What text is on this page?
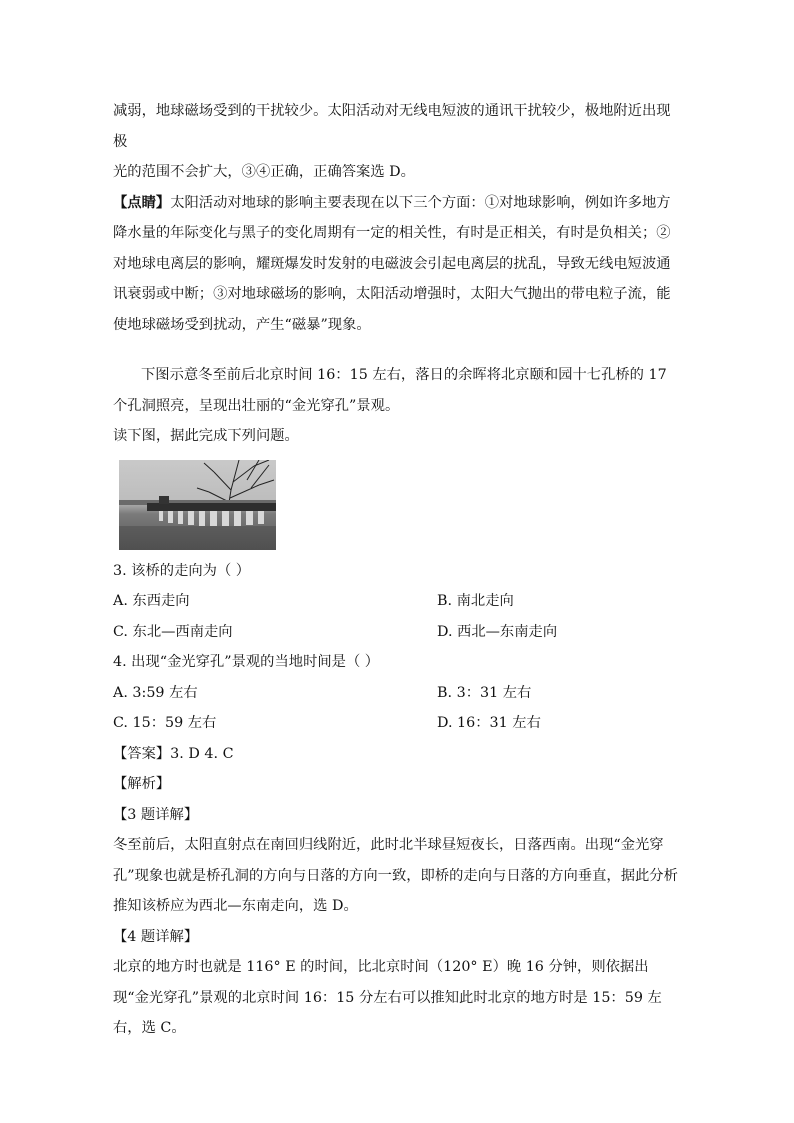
减弱，地球磁场受到的干扰较少。太阳活动对无线电短波的通讯干扰较少，极地附近出现极

光的范围不会扩大，③④正确，正确答案选 D。

【点睛】太阳活动对地球的影响主要表现在以下三个方面：①对地球影响，例如许多地方降水量的年际变化与黑子的变化周期有一定的相关性，有时是正相关，有时是负相关；②对地球电离层的影响，耀斑爆发时发射的电磁波会引起电离层的扰乱，导致无线电短波通讯衰弱或中断；③对地球磁场的影响，太阳活动增强时，太阳大气抛出的带电粒子流，能使地球磁场受到扰动，产生“磁暴”现象。

下图示意冬至前后北京时间 16：15 左右，落日的余晖将北京颐和园十七孔桥的 17 个孔洞照亮，呈现出壮丽的“金光穿孔”景观。

读下图，据此完成下列问题。

3. 该桥的走向为（ ）

A. 东西走向	B. 南北走向
C. 东北—西南走向	D. 西北—东南走向

4. 出现“金光穿孔”景观的当地时间是（ ）

A. 3:59 左右	B. 3：31 左右
C. 15：59 左右	D. 16：31 左右

【答案】3. D 4. C

【解析】

【3 题详解】

冬至前后，太阳直射点在南回归线附近，此时北半球昼短夜长，日落西南。出现“金光穿孔”现象也就是桥孔洞的方向与日落的方向一致，即桥的走向与日落的方向垂直，据此分析推知该桥应为西北—东南走向，选 D。

【4 题详解】

北京的地方时也就是 116° E 的时间，比北京时间（120° E）晚 16 分钟，则依据出现“金光穿孔”景观的北京时间 16：15 分左右可以推知此时北京的地方时是 15：59 左右，选 C。
